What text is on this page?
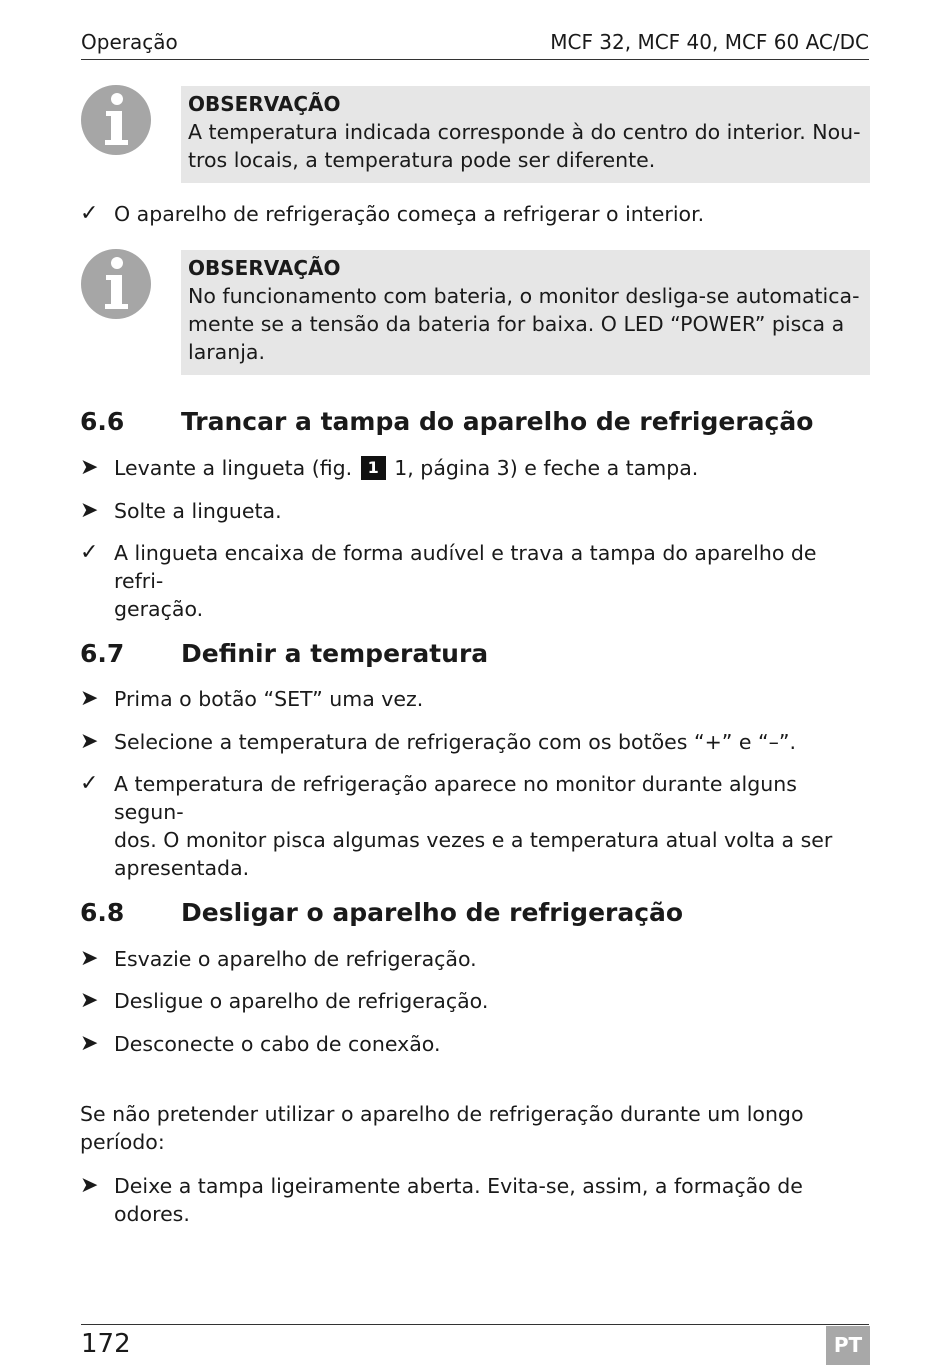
Operação	MCF 32, MCF 40, MCF 60 AC/DC
OBSERVAÇÃO
A temperatura indicada corresponde à do centro do interior. Nou-
tros locais, a temperatura pode ser diferente.
✓ O aparelho de refrigeração começa a refrigerar o interior.
OBSERVAÇÃO
No funcionamento com bateria, o monitor desliga-se automatica-
mente se a tensão da bateria for baixa. O LED “POWER” pisca a
laranja.
6.6 Trancar a tampa do aparelho de refrigeração
➤ Levante a lingueta (fig. 1 1, página 3) e feche a tampa.
➤ Solte a lingueta.
✓ A lingueta encaixa de forma audível e trava a tampa do aparelho de refri-
geração.
6.7 Definir a temperatura
➤ Prima o botão “SET” uma vez.
➤ Selecione a temperatura de refrigeração com os botões “+” e “–”.
✓ A temperatura de refrigeração aparece no monitor durante alguns segun-
dos. O monitor pisca algumas vezes e a temperatura atual volta a ser
apresentada.
6.8 Desligar o aparelho de refrigeração
➤ Esvazie o aparelho de refrigeração.
➤ Desligue o aparelho de refrigeração.
➤ Desconecte o cabo de conexão.
Se não pretender utilizar o aparelho de refrigeração durante um longo
período:
➤ Deixe a tampa ligeiramente aberta. Evita-se, assim, a formação de odores.
172	PT
